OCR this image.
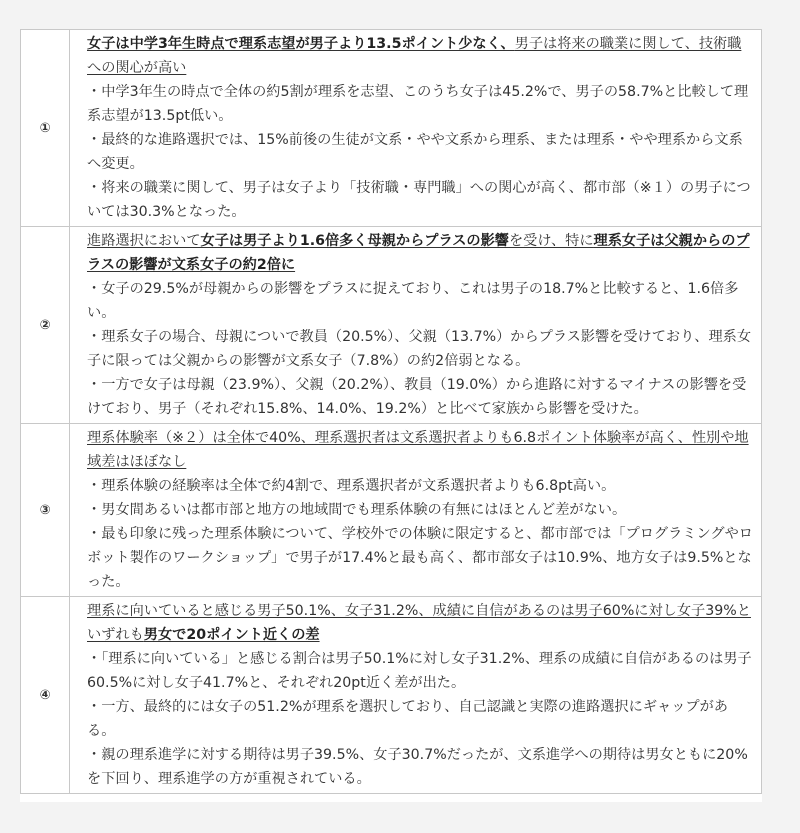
①	女子は中学3年生時点で理系志望が男子より13.5ポイント少なく、男子は将来の職業に関して、技術職への関心が高い
・中学3年生の時点で全体の約5割が理系を志望、このうち女子は45.2%で、男子の58.7%と比較して理系志望が13.5pt低い。
・最終的な進路選択では、15%前後の生徒が文系・やや文系から理系、または理系・やや理系から文系へ変更。
・将来の職業に関して、男子は女子より「技術職・専門職」への関心が高く、都市部（※１）の男子については30.3%となった。

②	進路選択において女子は男子より1.6倍多く母親からプラスの影響を受け、特に理系女子は父親からのプラスの影響が文系女子の約2倍に
・女子の29.5%が母親からの影響をプラスに捉えており、これは男子の18.7%と比較すると、1.6倍多い。
・理系女子の場合、母親についで教員（20.5%）、父親（13.7%）からプラス影響を受けており、理系女子に限っては父親からの影響が文系女子（7.8%）の約2倍弱となる。
・一方で女子は母親（23.9%）、父親（20.2%）、教員（19.0%）から進路に対するマイナスの影響を受けており、男子（それぞれ15.8%、14.0%、19.2%）と比べて家族から影響を受けた。

③	理系体験率（※２）は全体で40%、理系選択者は文系選択者よりも6.8ポイント体験率が高く、性別や地域差はほぼなし
・理系体験の経験率は全体で約4割で、理系選択者が文系選択者よりも6.8pt高い。
・男女間あるいは都市部と地方の地域間でも理系体験の有無にはほとんど差がない。
・最も印象に残った理系体験について、学校外での体験に限定すると、都市部では「プログラミングやロボット製作のワークショップ」で男子が17.4%と最も高く、都市部女子は10.9%、地方女子は9.5%となった。

④	理系に向いていると感じる男子50.1%、女子31.2%、成績に自信があるのは男子60%に対し女子39%といずれも男女で20ポイント近くの差
・「理系に向いている」と感じる割合は男子50.1%に対し女子31.2%、理系の成績に自信があるのは男子60.5%に対し女子41.7%と、それぞれ20pt近く差が出た。
・一方、最終的には女子の51.2%が理系を選択しており、自己認識と実際の進路選択にギャップがある。
・親の理系進学に対する期待は男子39.5%、女子30.7%だったが、文系進学への期待は男女ともに20%を下回り、理系進学の方が重視されている。
